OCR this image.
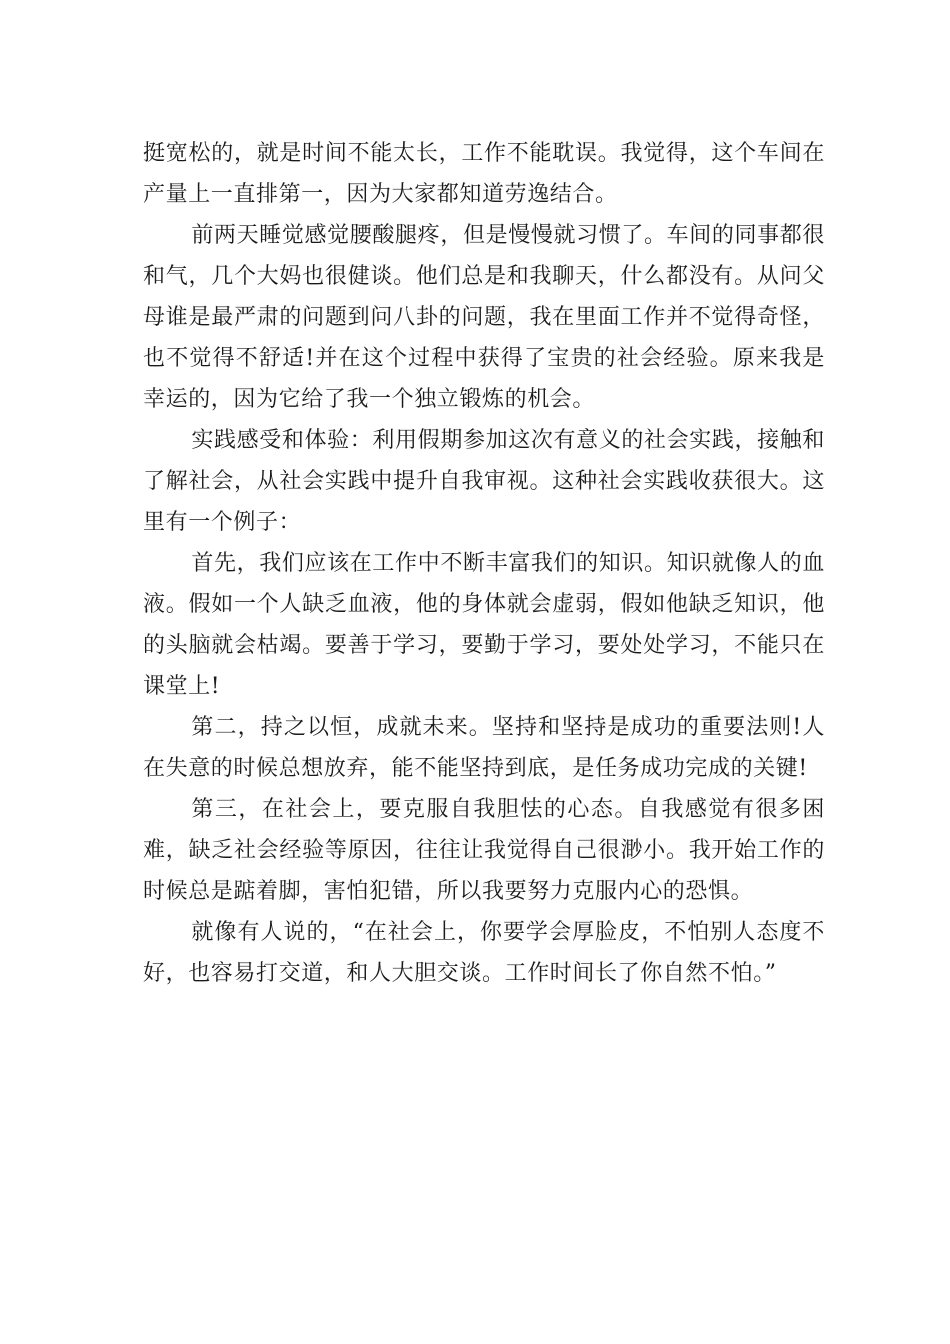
挺宽松的，就是时间不能太长，工作不能耽误。我觉得，这个车间在产量上一直排第一，因为大家都知道劳逸结合。

前两天睡觉感觉腰酸腿疼，但是慢慢就习惯了。车间的同事都很和气，几个大妈也很健谈。他们总是和我聊天，什么都没有。从问父母谁是最严肃的问题到问八卦的问题，我在里面工作并不觉得奇怪，也不觉得不舒适!并在这个过程中获得了宝贵的社会经验。原来我是幸运的，因为它给了我一个独立锻炼的机会。

实践感受和体验：利用假期参加这次有意义的社会实践，接触和了解社会，从社会实践中提升自我审视。这种社会实践收获很大。这里有一个例子：

首先，我们应该在工作中不断丰富我们的知识。知识就像人的血液。假如一个人缺乏血液，他的身体就会虚弱，假如他缺乏知识，他的头脑就会枯竭。要善于学习，要勤于学习，要处处学习，不能只在课堂上!

第二，持之以恒，成就未来。坚持和坚持是成功的重要法则!人在失意的时候总想放弃，能不能坚持到底，是任务成功完成的关键!

第三，在社会上，要克服自我胆怯的心态。自我感觉有很多困难，缺乏社会经验等原因，往往让我觉得自己很渺小。我开始工作的时候总是踮着脚，害怕犯错，所以我要努力克服内心的恐惧。

就像有人说的，“在社会上，你要学会厚脸皮，不怕别人态度不好，也容易打交道，和人大胆交谈。工作时间长了你自然不怕。”
